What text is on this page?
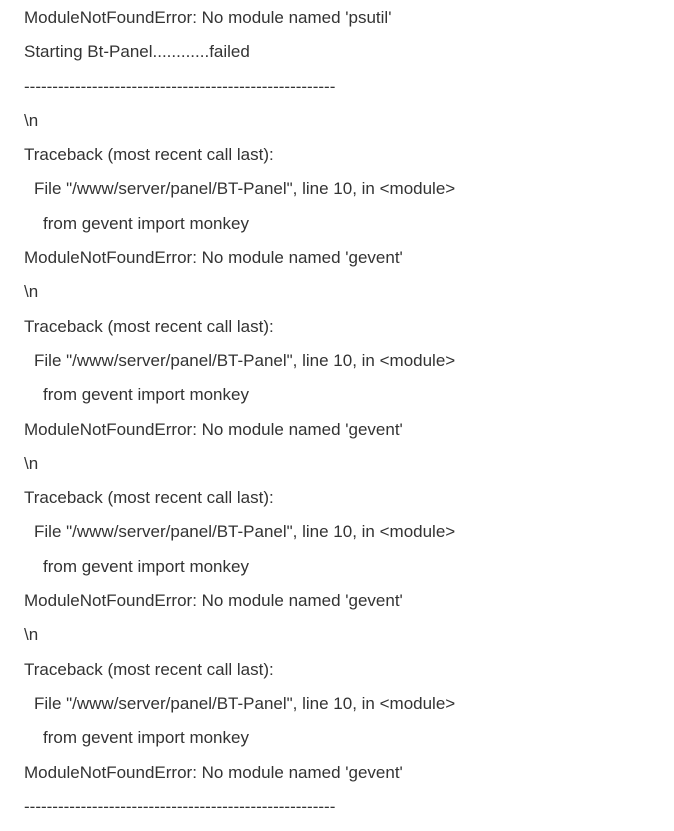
ModuleNotFoundError: No module named 'psutil'
Starting Bt-Panel............failed
-------------------------------------------------------
\n
Traceback (most recent call last):
File "/www/server/panel/BT-Panel", line 10, in <module>
from gevent import monkey
ModuleNotFoundError: No module named 'gevent'
\n
Traceback (most recent call last):
File "/www/server/panel/BT-Panel", line 10, in <module>
from gevent import monkey
ModuleNotFoundError: No module named 'gevent'
\n
Traceback (most recent call last):
File "/www/server/panel/BT-Panel", line 10, in <module>
from gevent import monkey
ModuleNotFoundError: No module named 'gevent'
\n
Traceback (most recent call last):
File "/www/server/panel/BT-Panel", line 10, in <module>
from gevent import monkey
ModuleNotFoundError: No module named 'gevent'
-------------------------------------------------------
